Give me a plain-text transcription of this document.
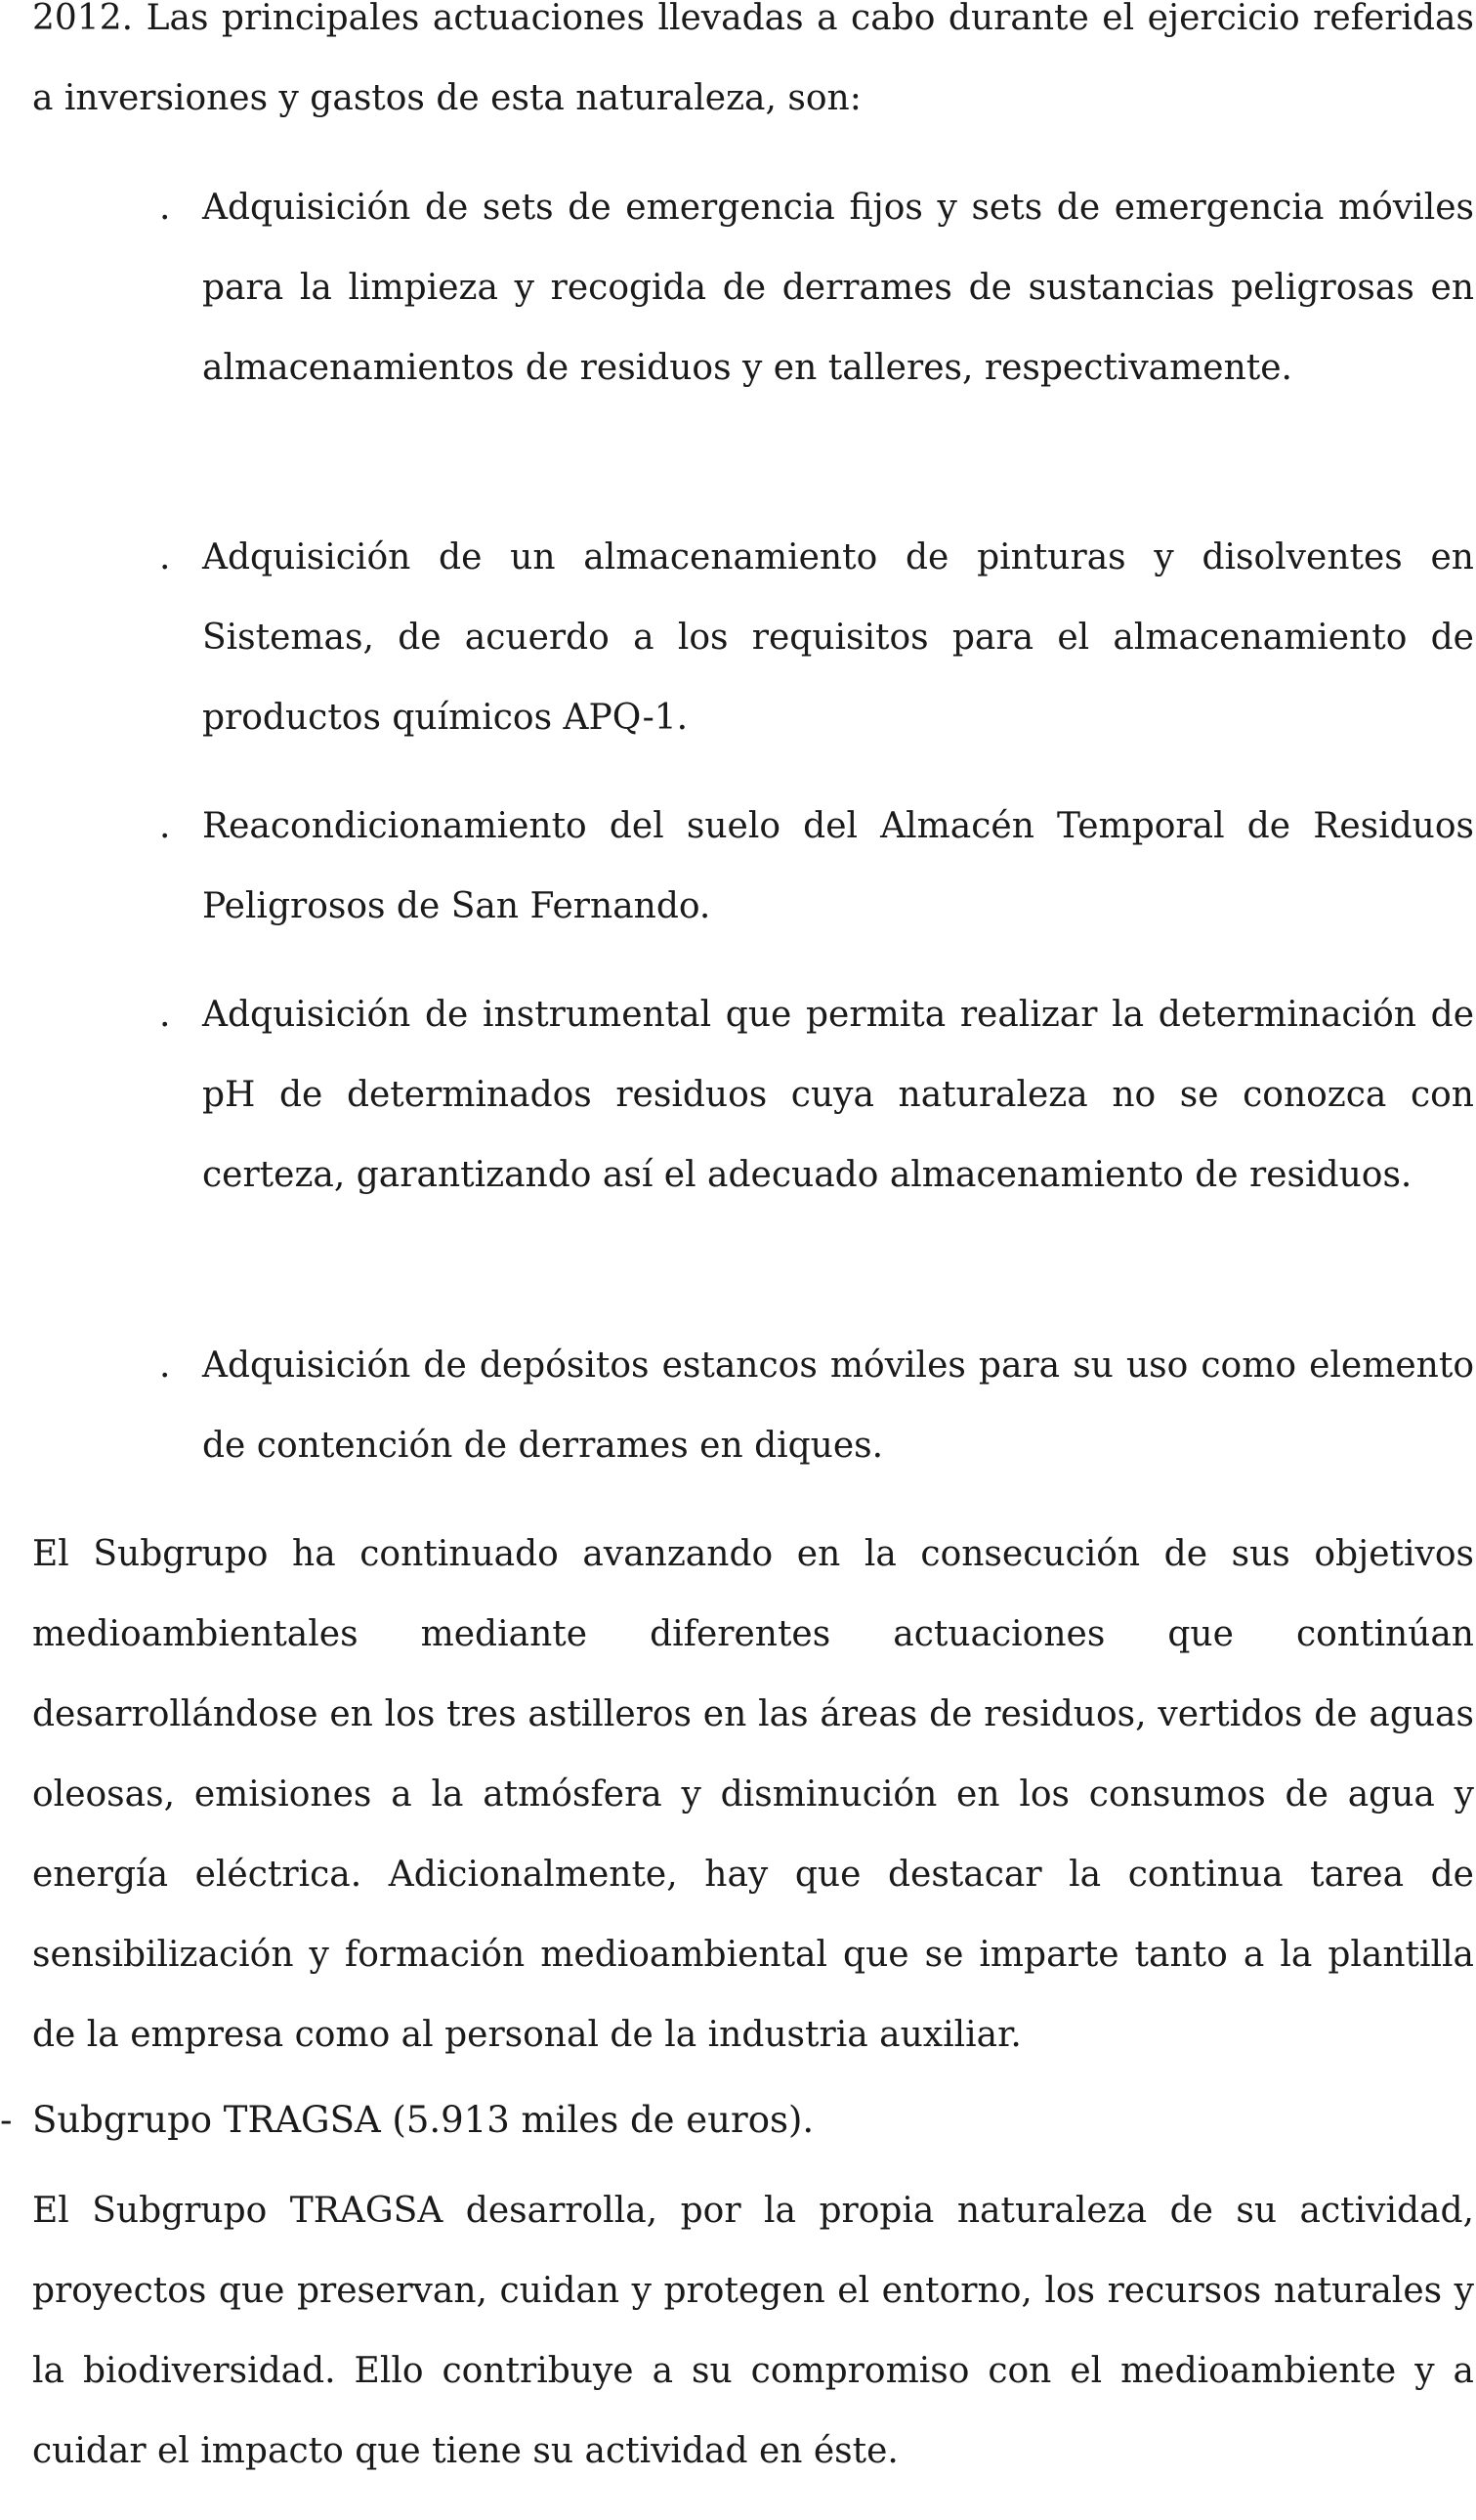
2012. Las principales actuaciones llevadas a cabo durante el ejercicio referidas a inversiones y gastos de esta naturaleza, son:

. Adquisición de sets de emergencia fijos y sets de emergencia móviles para la limpieza y recogida de derrames de sustancias peligrosas en almacenamientos de residuos y en talleres, respectivamente.
. Adquisición de un almacenamiento de pinturas y disolventes en Sistemas, de acuerdo a los requisitos para el almacenamiento de productos químicos APQ-1.
. Reacondicionamiento del suelo del Almacén Temporal de Residuos Peligrosos de San Fernando.
. Adquisición de instrumental que permita realizar la determinación de pH de determinados residuos cuya naturaleza no se conozca con certeza, garantizando así el adecuado almacenamiento de residuos.
. Adquisición de depósitos estancos móviles para su uso como elemento de contención de derrames en diques.

El Subgrupo ha continuado avanzando en la consecución de sus objetivos medioambientales mediante diferentes actuaciones que continúan desarrollándose en los tres astilleros en las áreas de residuos, vertidos de aguas oleosas, emisiones a la atmósfera y disminución en los consumos de agua y energía eléctrica. Adicionalmente, hay que destacar la continua tarea de sensibilización y formación medioambiental que se imparte tanto a la plantilla de la empresa como al personal de la industria auxiliar.

- Subgrupo TRAGSA (5.913 miles de euros).

El Subgrupo TRAGSA desarrolla, por la propia naturaleza de su actividad, proyectos que preservan, cuidan y protegen el entorno, los recursos naturales y la biodiversidad. Ello contribuye a su compromiso con el medioambiente y a cuidar el impacto que tiene su actividad en éste.
